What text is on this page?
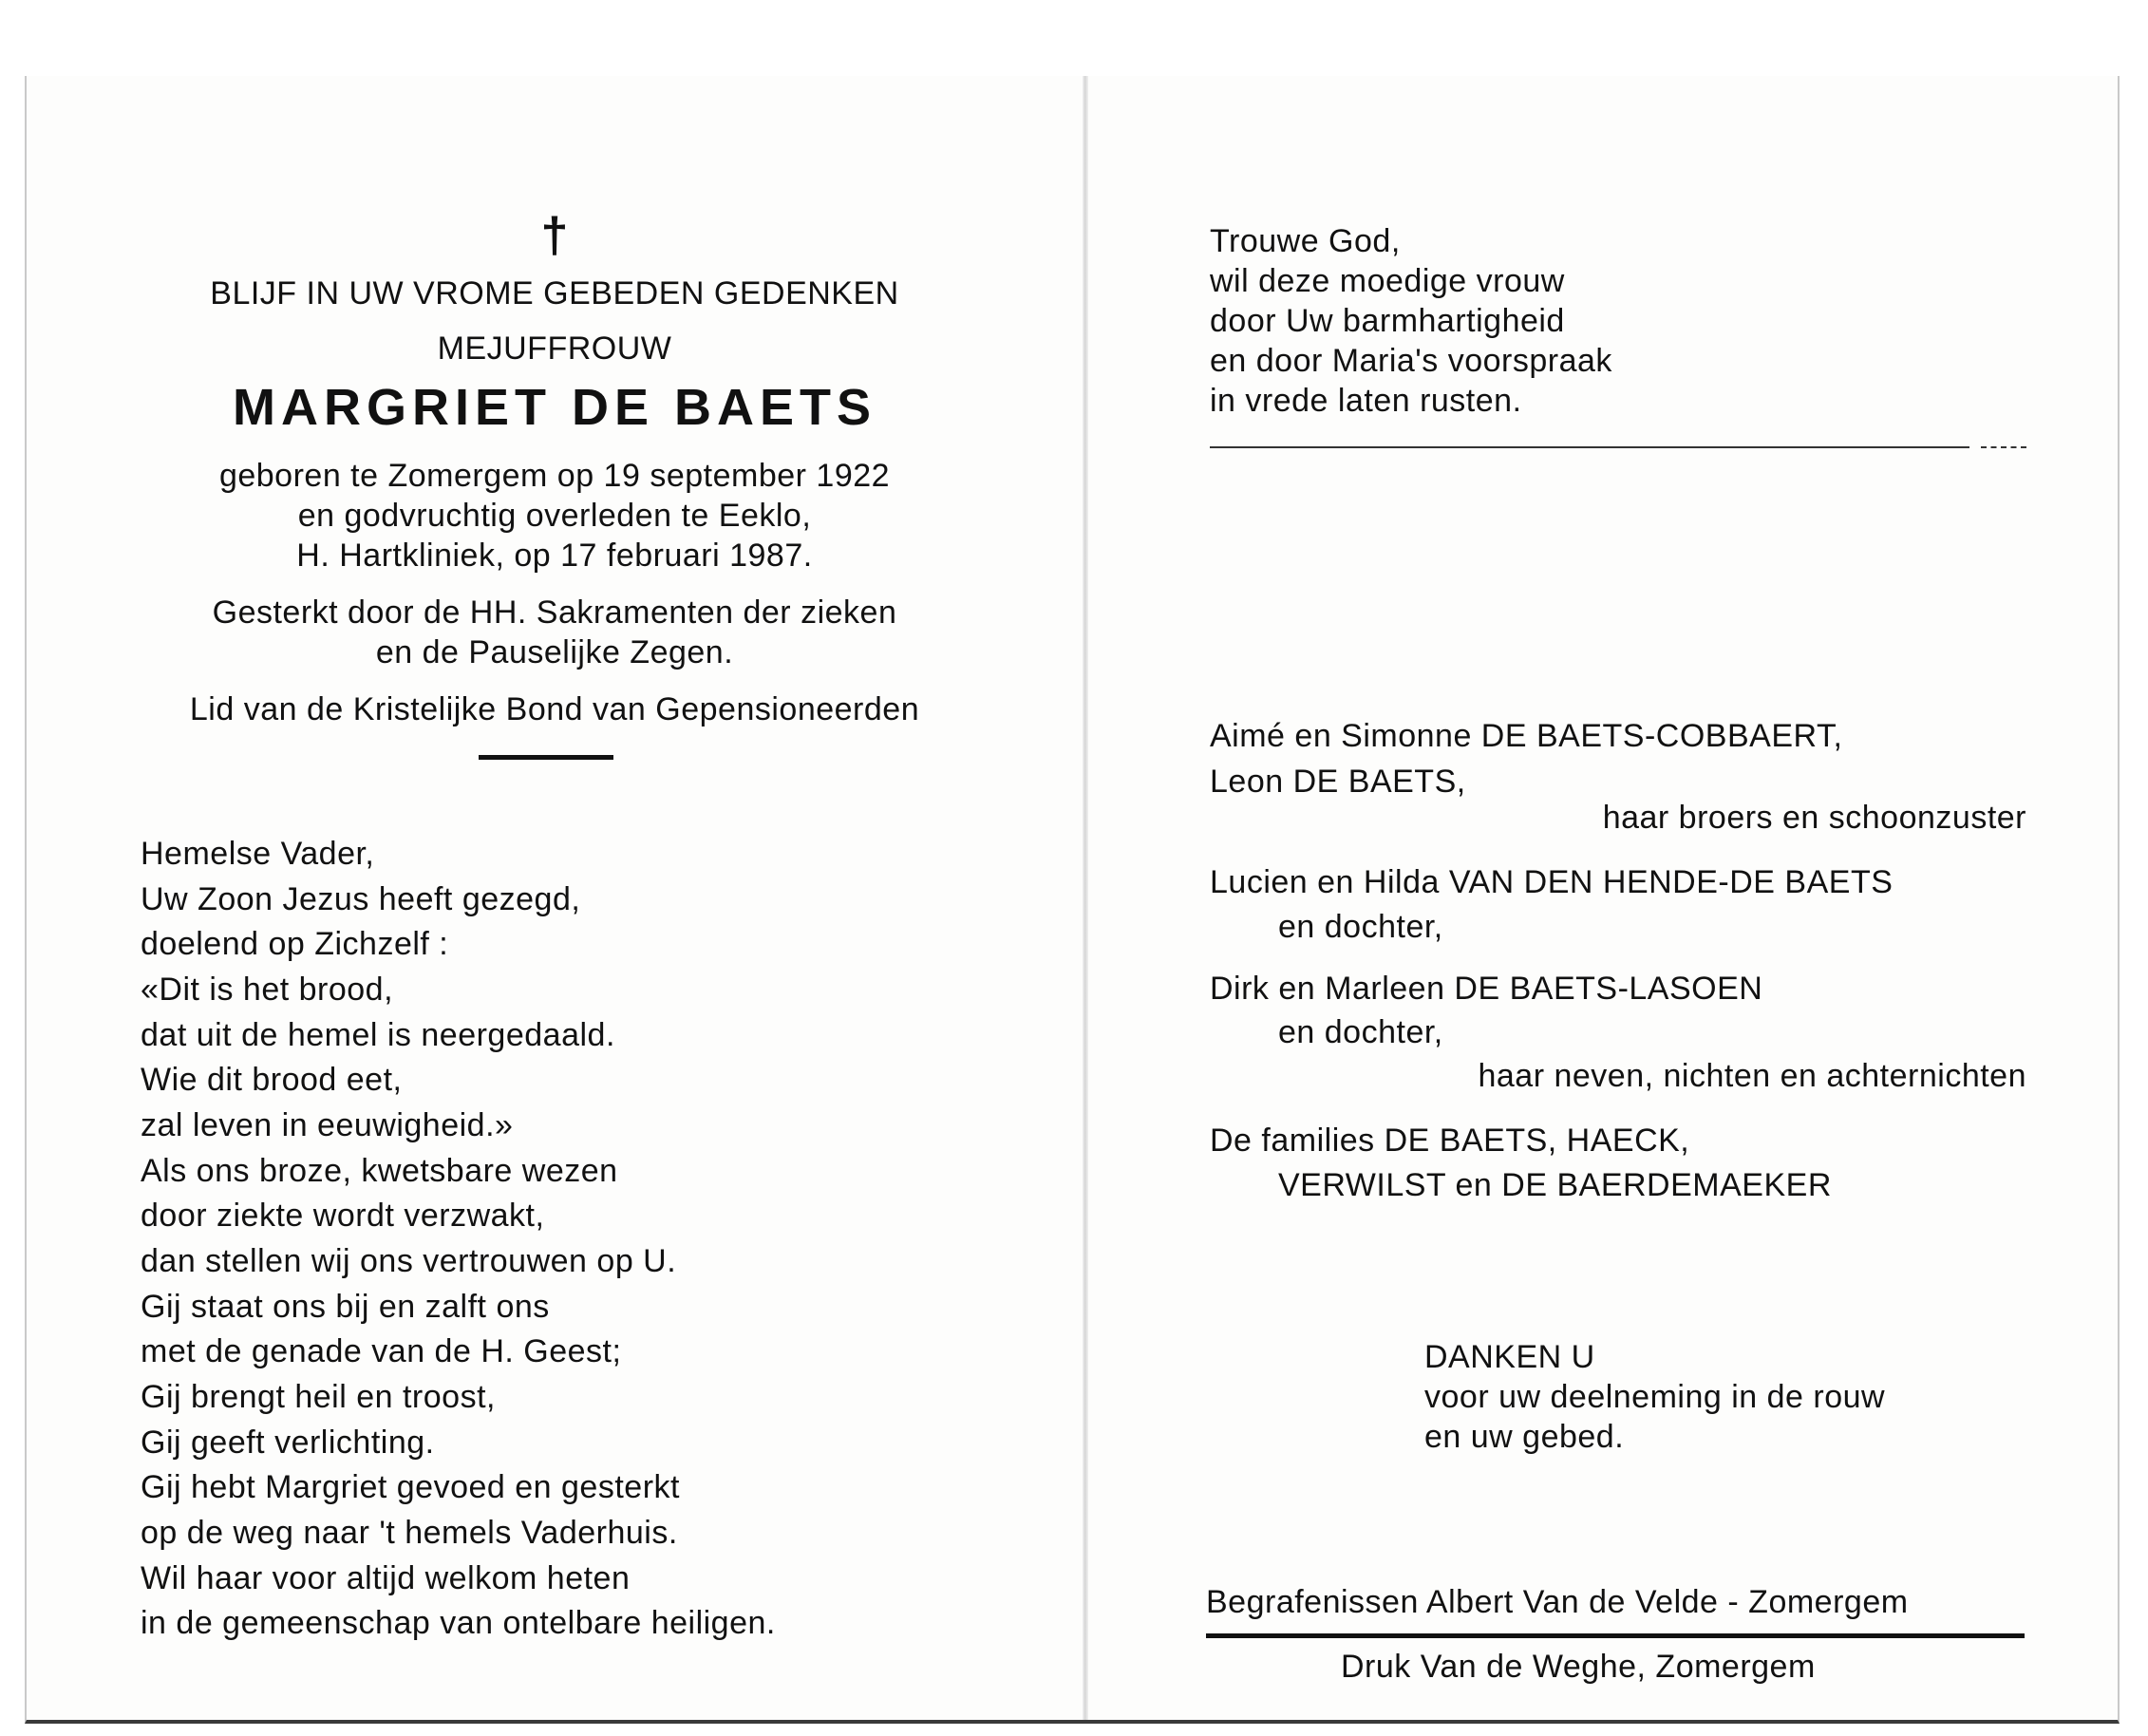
†
BLIJF IN UW VROME GEBEDEN GEDENKEN
MEJUFFROUW
MARGRIET DE BAETS
geboren te Zomergem op 19 september 1922
en godvruchtig overleden te Eeklo,
H. Hartkliniek, op 17 februari 1987.
Gesterkt door de HH. Sakramenten der zieken
en de Pauselijke Zegen.
Lid van de Kristelijke Bond van Gepensioneerden
Hemelse Vader,
Uw Zoon Jezus heeft gezegd,
doelend op Zichzelf :
«Dit is het brood,
dat uit de hemel is neergedaald.
Wie dit brood eet,
zal leven in eeuwigheid.»
Als ons broze, kwetsbare wezen
door ziekte wordt verzwakt,
dan stellen wij ons vertrouwen op U.
Gij staat ons bij en zalft ons
met de genade van de H. Geest;
Gij brengt heil en troost,
Gij geeft verlichting.
Gij hebt Margriet gevoed en gesterkt
op de weg naar 't hemels Vaderhuis.
Wil haar voor altijd welkom heten
in de gemeenschap van ontelbare heiligen.
Trouwe God,
wil deze moedige vrouw
door Uw barmhartigheid
en door Maria's voorspraak
in vrede laten rusten.
Aimé en Simonne DE BAETS-COBBAERT,
Leon DE BAETS,
haar broers en schoonzuster
Lucien en Hilda VAN DEN HENDE-DE BAETS
en dochter,
Dirk en Marleen DE BAETS-LASOEN
en dochter,
haar neven, nichten en achternichten
De families DE BAETS, HAECK,
VERWILST en DE BAERDEMAEKER
DANKEN U
voor uw deelneming in de rouw
en uw gebed.
Begrafenissen Albert Van de Velde - Zomergem
Druk Van de Weghe, Zomergem
